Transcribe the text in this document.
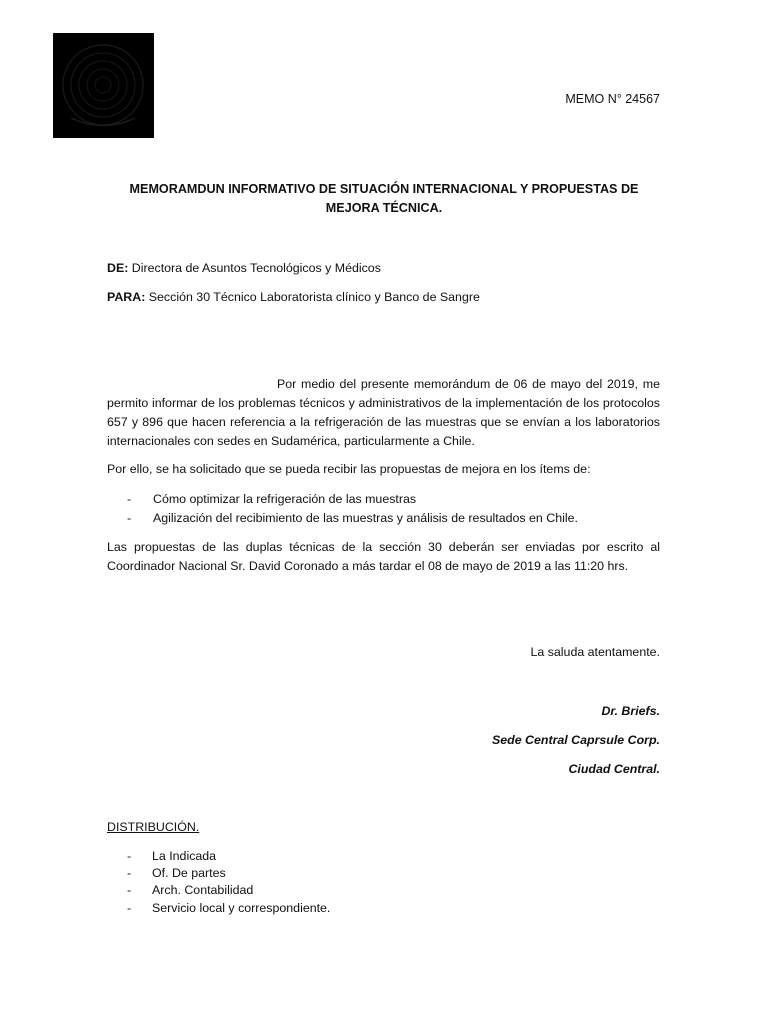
MEMO N° 24567
MEMORAMDUN INFORMATIVO DE SITUACIÓN INTERNACIONAL Y PROPUESTAS DE MEJORA TÉCNICA.
DE: Directora de Asuntos Tecnológicos y Médicos
PARA: Sección 30 Técnico Laboratorista clínico y Banco de Sangre
Por medio del presente memorándum de 06 de mayo del 2019, me permito informar de los problemas técnicos y administrativos de la implementación de los protocolos 657 y 896 que hacen referencia a la refrigeración de las muestras que se envían a los laboratorios internacionales con sedes en Sudamérica, particularmente a Chile.
Por ello, se ha solicitado que se pueda recibir las propuestas de mejora en los ítems de:
- Cómo optimizar la refrigeración de las muestras
- Agilización del recibimiento de las muestras y análisis de resultados en Chile.
Las propuestas de las duplas técnicas de la sección 30 deberán ser enviadas por escrito al Coordinador Nacional Sr. David Coronado a más tardar el 08 de mayo de 2019 a las 11:20 hrs.
La saluda atentamente.
Dr. Briefs.
Sede Central Caprsule Corp.
Ciudad Central.
DISTRIBUCIÓN.
- La Indicada
- Of. De partes
- Arch. Contabilidad
- Servicio local y correspondiente.
